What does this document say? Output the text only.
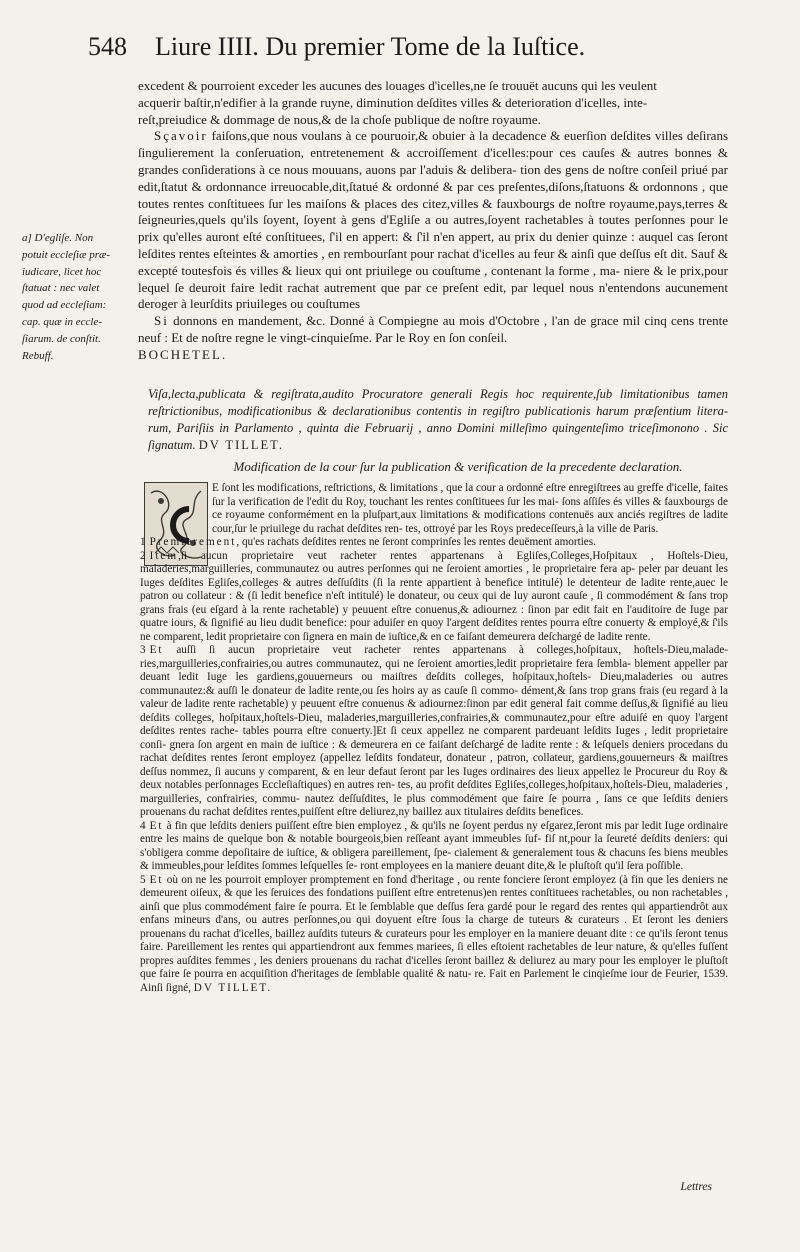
548 Liure IIII. Du premier Tome de la Iuſtice.

excedent & pourroient exceder les aucunes des louages d'icelles,ne ſe trouuët aucuns qui les veulent

acquerir baſtir,n'edifier à la grande ruyne, diminution deſdites villes & deterioration d'icelles, inte-

reſt,preiudice & dommage de nous,& de la choſe publique de noſtre royaume.

Sçavoir faiſons,que nous voulans à ce pouruoir,& obuier à la decadence & euerſion deſdites villes deſirans ſingulierement la conſeruation, entretenement & accroiſſement d'icelles:pour ces cauſes & autres bonnes & grandes conſiderations à ce nous mouuans, auons par l'aduis & delibera- tion des gens de noſtre conſeil priué par edit,ſtatut & ordonnance irreuocable,dit,ſtatué & ordonné & par ces preſentes,diſons,ſtatuons & ordonnons , que toutes rentes conſtituees ſur les maiſons & places des citez,villes & fauxbourgs de noſtre royaume,pays,terres & ſeigneuries,quels qu'ils ſoyent, ſoyent à gens d'Egliſe a ou autres,ſoyent rachetables à toutes perſonnes pour le prix qu'elles auront eſté conſtituees, ſ'il en appert: & ſ'il n'en appert, au prix du denier quinze : auquel cas ſeront leſdites rentes eſteintes & amorties , en rembourſant pour rachat d'icelles au feur & ainſi que deſſus eſt dit. Sauf & excepté toutesfois és villes & lieux qui ont priuilege ou couſtume , contenant la forme , ma- niere & le prix,pour lequel ſe deuroit faire ledit rachat autrement que par ce preſent edit, par lequel nous n'entendons aucunement deroger à leurſdits priuileges ou couſtumes

Si donnons en mandement, &c. Donné à Compiegne au mois d'Octobre , l'an de grace mil cinq cens trente neuf : Et de noſtre regne le vingt-cinquieſme. Par le Roy en ſon conſeil.

BOCHETEL.

a] D'egliſe. Non
potuit eccleſiæ præ-
iudicare, licet hoc
ſtatuat : nec valet
quod ad eccleſiam:
cap. quæ in eccle-
ſiarum. de conſtit.
Rebuff.
Viſa,lecta,publicata & regiſtrata,audito Procuratore generali Regis hoc requirente,ſub limitationibus tamen reſtrictionibus, modificationibus & declarationibus contentis in regiſtro publicationis harum præſentium litera- rum, Pariſiis in Parlamento , quinta die Februarij , anno Domini milleſimo quingenteſimo triceſimonono . Sic ſignatum. DV TILLET.
Modification de la cour ſur la publication & verification de la precedente declaration.

E ſont les modifications, reſtrictions, & limitations , que la cour a ordonné eſtre enregiſtrees au greffe d'icelle, faites ſur la verification de l'edit du Roy, touchant les rentes conſtituees ſur les mai- ſons aſſiſes és villes & fauxbourgs de ce royaume conformément en la pluſpart,aux limitations & modifications contenuës aux anciés regiſtres de ladite cour,ſur le priuilege du rachat deſdites ren- tes, ottroyé par les Roys predeceſſeurs,à la ville de Paris.

1 Premierement, qu'es rachats deſdites rentes ne ſeront comprinſes les rentes deuëment amorties.

2 Item,ſi aucun proprietaire veut racheter rentes appartenans à Egliſes,Colleges,Hoſpitaux , Hoſtels-Dieu, maladeries,marguilleries, communautez ou autres perſonnes qui ne ſeroient amorties , le proprietaire fera ap- peler par deuant les Iuges deſdites Egliſes,colleges & autres deſſuſdits (ſi la rente appartient à benefice intitulé) le detenteur de ladite rente,auec le patron ou collateur : & (ſi ledit benefice n'eſt intitulé) le donateur, ou ceux qui de luy auront cauſe , ſi commodément & ſans trop grans frais (eu eſgard à la rente rachetable) y peuuent eſtre conuenus,& adiournez : ſinon par edit fait en l'auditoire de Iuge par quatre iours, & ſignifié au lieu dudit benefice: pour aduiſer en quoy l'argent deſdites rentes pourra eſtre conuerty & employé,& ſ'ils ne comparent, ledit proprietaire con ſignera en main de iuſtice,& en ce faiſant demeurera deſchargé de ladite rente.

3 Et auſſi ſi aucun proprietaire veut racheter rentes appartenans à colleges,hoſpitaux, hoſtels-Dieu,malade- ries,marguilleries,confrairies,ou autres communautez, qui ne ſeroient amorties,ledit proprietaire fera ſembla- blement appeller par deuant ledit Iuge les gardiens,gouuerneurs ou maiſtres deſdits colleges, hoſpitaux,hoſtels- Dieu,maladeries ou autres communautez:& auſſi le donateur de ladite rente,ou ſes hoirs ay as cauſe ſi commo- dément,& ſans trop grans frais (eu regard à la valeur de ladite rente rachetable) y peuuent eſtre conuenus & adiournez:ſinon par edit general fait comme deſſus,& ſignifié au lieu deſdits colleges, hoſpitaux,hoſtels-Dieu, maladeries,marguilleries,confrairies,& communautez,pour eſtre aduiſé en quoy l'argent deſdites rentes rache- tables pourra eſtre conuerty.]Et ſi ceux appellez ne comparent pardeuant leſdits Iuges , ledit proprietaire conſi- gnera ſon argent en main de iuſtice : & demeurera en ce faiſant deſchargé de ladite rente : & leſquels deniers procedans du rachat deſdites rentes ſeront employez (appellez leſdits fondateur, donateur , patron, collateur, gardiens,gouuerneurs & maiſtres deſſus nommez, ſi aucuns y comparent, & en leur defaut ſeront par les Iuges ordinaires des lieux appellez le Procureur du Roy & deux notables perſonnages Eccleſiaſtiques) en autres ren- tes, au profit deſdites Egliſes,colleges,hoſpitaux,hoſtels-Dieu, maladeries , marguilleries, confrairies, commu- nautez deſſuſdites, le plus commodément que faire ſe pourra , ſans ce que leſdits deniers prouenans du rachat deſdites rentes,puiſſent eſtre deliurez,ny baillez aux titulaires deſdits benefices.

4 Et à fin que leſdits deniers puiſſent eſtre bien employez , & qu'ils ne ſoyent perdus ny eſgarez,ſeront mis par ledit Iuge ordinaire entre les mains de quelque bon & notable bourgeois,bien reſſeant ayant immeubles ſuf- fiſ nt,pour la ſeureté deſdits deniers: qui s'obligera comme depoſitaire de iuſtice, & obligera pareillement, ſpe- cialement & generalement tous & chacuns ſes biens meubles & immeubles,pour leſdites ſommes leſquelles ſe- ront employees en la maniere deuant dite,& le pluſtoſt qu'il ſera poſſible.

5 Et où on ne les pourroit employer promptement en fond d'heritage , ou rente fonciere ſeront employez (à fin que les deniers ne demeurent oiſeux, & que les ſeruices des fondations puiſſent eſtre entretenus)en rentes conſtituees rachetables, ou non rachetables , ainſi que plus commodément faire ſe pourra. Et le ſemblable que deſſus ſera gardé pour le regard des rentes qui appartiendrôt aux enfans mineurs d'ans, ou autres perſonnes,ou qui doyuent eſtre ſous la charge de tuteurs & curateurs . Et ſeront les deniers prouenans du rachat d'icelles, baillez auſdits tuteurs & curateurs pour les employer en la maniere deuant dite : ce qu'ils ſeront tenus faire. Pareillement les rentes qui appartiendront aux femmes mariees, ſi elles eſtoient rachetables de leur nature, & qu'elles fuſſent propres auſdites femmes , les deniers prouenans du rachat d'icelles ſeront baillez & deliurez au mary pour les employer le pluſtoſt que faire ſe pourra en acquiſition d'heritages de ſemblable qualité & natu- re. Fait en Parlement le cinqieſme iour de Feurier, 1539. Ainſi ſigné, DV TILLET.

Lettres
